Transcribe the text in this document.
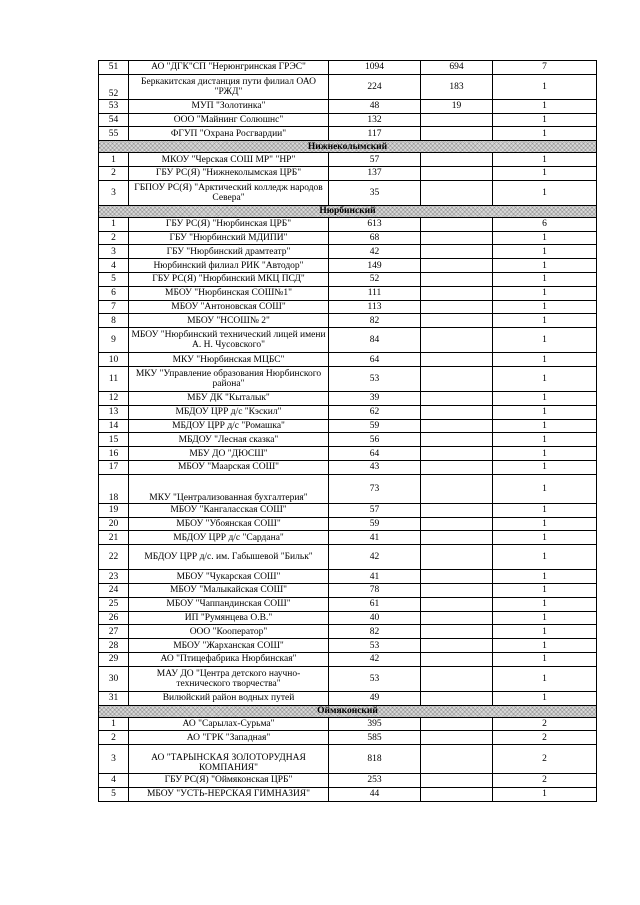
51	АО "ДГК"СП "Нерюнгринская ГРЭС"	1094	694	7
52	Беркакитская дистанция пути филиал ОАО "РЖД"	224	183	1
53	МУП "Золотинка"	48	19	1
54	ООО "Майнинг Солюшнс"	132		1
55	ФГУП "Охрана Росгвардии"	117		1
Нижнеколымский				
1	МКОУ "Черская СОШ МР" "НР"	57		1
2	ГБУ РС(Я) "Нижнеколымская ЦРБ"	137		1
3	ГБПОУ РС(Я) "Арктический колледж народов Севера"	35		1
Нюрбинский				
1	ГБУ РС(Я) "Нюрбинская ЦРБ"	613		6
2	ГБУ "Нюрбинский МДИПИ"	68		1
3	ГБУ "Нюрбинский драмтеатр"	42		1
4	Нюрбинский филиал РИК "Автодор"	149		1
5	ГБУ РС(Я) "Нюрбинский МКЦ ПСД"	52		1
6	МБОУ "Нюрбинская СОШ№1"	111		1
7	МБОУ "Антоновская СОШ"	113		1
8	МБОУ "НСОШ№ 2"	82		1
9	МБОУ "Нюрбинский технический лицей имени А. Н. Чусовского"	84		1
10	МКУ "Нюрбинская МЦБС"	64		1
11	МКУ "Управление образования Нюрбинского района"	53		1
12	МБУ ДК "Кыталык"	39		1
13	МБДОУ ЦРР д/с "Кэскил"	62		1
14	МБДОУ ЦРР д/с "Ромашка"	59		1
15	МБДОУ "Лесная сказка"	56		1
16	МБУ ДО "ДЮСШ"	64		1
17	МБОУ "Маарская СОШ"	43		1
18	МКУ "Централизованная бухгалтерия"	73		1
19	МБОУ "Кангаласская СОШ"	57		1
20	МБОУ "Убоянская СОШ"	59		1
21	МБДОУ ЦРР д/с "Сардана"	41		1
22	МБДОУ ЦРР д/с. им. Габышевой "Бильк"	42		1
23	МБОУ "Чукарская СОШ"	41		1
24	МБОУ "Малыкайская СОШ"	78		1
25	МБОУ "Чаппандинская СОШ"	61		1
26	ИП "Румянцева О.В."	40		1
27	ООО "Кооператор"	82		1
28	МБОУ "Жарханская СОШ"	53		1
29	АО "Птицефабрика Нюрбинская"	42		1
30	МАУ ДО "Центра детского научно-технического творчества"	53		1
31	Вилюйский район водных путей	49		1
Оймяконский				
1	АО "Сарылах-Сурьма"	395		2
2	АО "ГРК "Западная"	585		2
3	АО "ТАРЫНСКАЯ ЗОЛОТОРУДНАЯ КОМПАНИЯ"	818		2
4	ГБУ РС(Я) "Оймяконская ЦРБ"	253		2
5	МБОУ "УСТЬ-НЕРСКАЯ ГИМНАЗИЯ"	44		1
